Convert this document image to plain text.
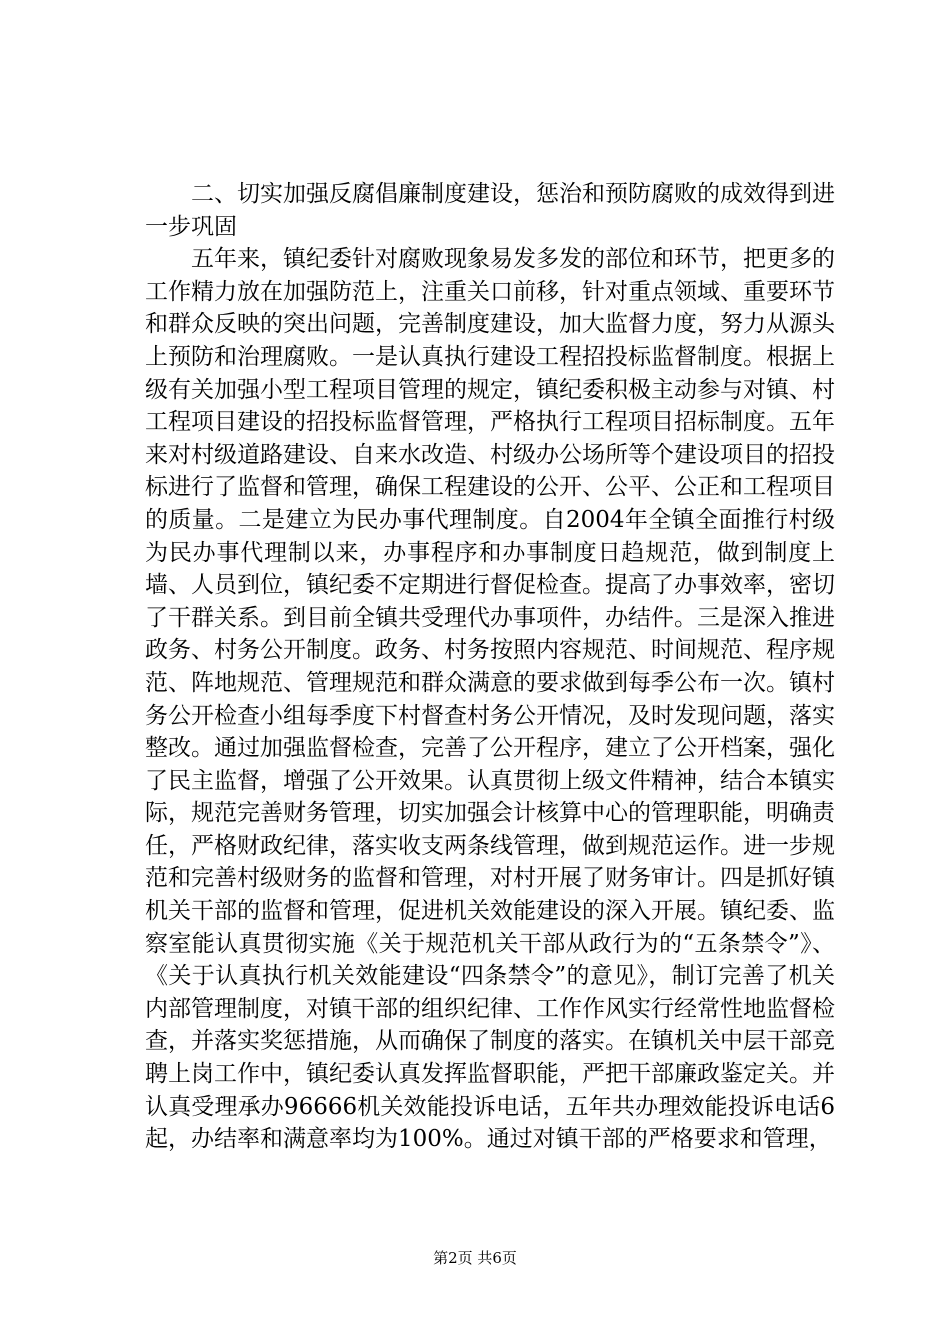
二、切实加强反腐倡廉制度建设，惩治和预防腐败的成效得到进一步巩固

五年来，镇纪委针对腐败现象易发多发的部位和环节，把更多的工作精力放在加强防范上，注重关口前移，针对重点领域、重要环节和群众反映的突出问题，完善制度建设，加大监督力度，努力从源头上预防和治理腐败。一是认真执行建设工程招投标监督制度。根据上级有关加强小型工程项目管理的规定，镇纪委积极主动参与对镇、村工程项目建设的招投标监督管理，严格执行工程项目招标制度。五年来对村级道路建设、自来水改造、村级办公场所等个建设项目的招投标进行了监督和管理，确保工程建设的公开、公平、公正和工程项目的质量。二是建立为民办事代理制度。自2004年全镇全面推行村级为民办事代理制以来，办事程序和办事制度日趋规范，做到制度上墙、人员到位，镇纪委不定期进行督促检查。提高了办事效率，密切了干群关系。到目前全镇共受理代办事项件，办结件。三是深入推进政务、村务公开制度。政务、村务按照内容规范、时间规范、程序规范、阵地规范、管理规范和群众满意的要求做到每季公布一次。镇村务公开检查小组每季度下村督查村务公开情况，及时发现问题，落实整改。通过加强监督检查，完善了公开程序，建立了公开档案，强化了民主监督，增强了公开效果。认真贯彻上级文件精神，结合本镇实际，规范完善财务管理，切实加强会计核算中心的管理职能，明确责任，严格财政纪律，落实收支两条线管理，做到规范运作。进一步规范和完善村级财务的监督和管理，对村开展了财务审计。四是抓好镇机关干部的监督和管理，促进机关效能建设的深入开展。镇纪委、监察室能认真贯彻实施《关于规范机关干部从政行为的“五条禁令”》、《关于认真执行机关效能建设“四条禁令”的意见》，制订完善了机关内部管理制度，对镇干部的组织纪律、工作作风实行经常性地监督检查，并落实奖惩措施，从而确保了制度的落实。在镇机关中层干部竞聘上岗工作中，镇纪委认真发挥监督职能，严把干部廉政鉴定关。并认真受理承办96666机关效能投诉电话，五年共办理效能投诉电话6起，办结率和满意率均为100%。通过对镇干部的严格要求和管理，

第2页 共6页
